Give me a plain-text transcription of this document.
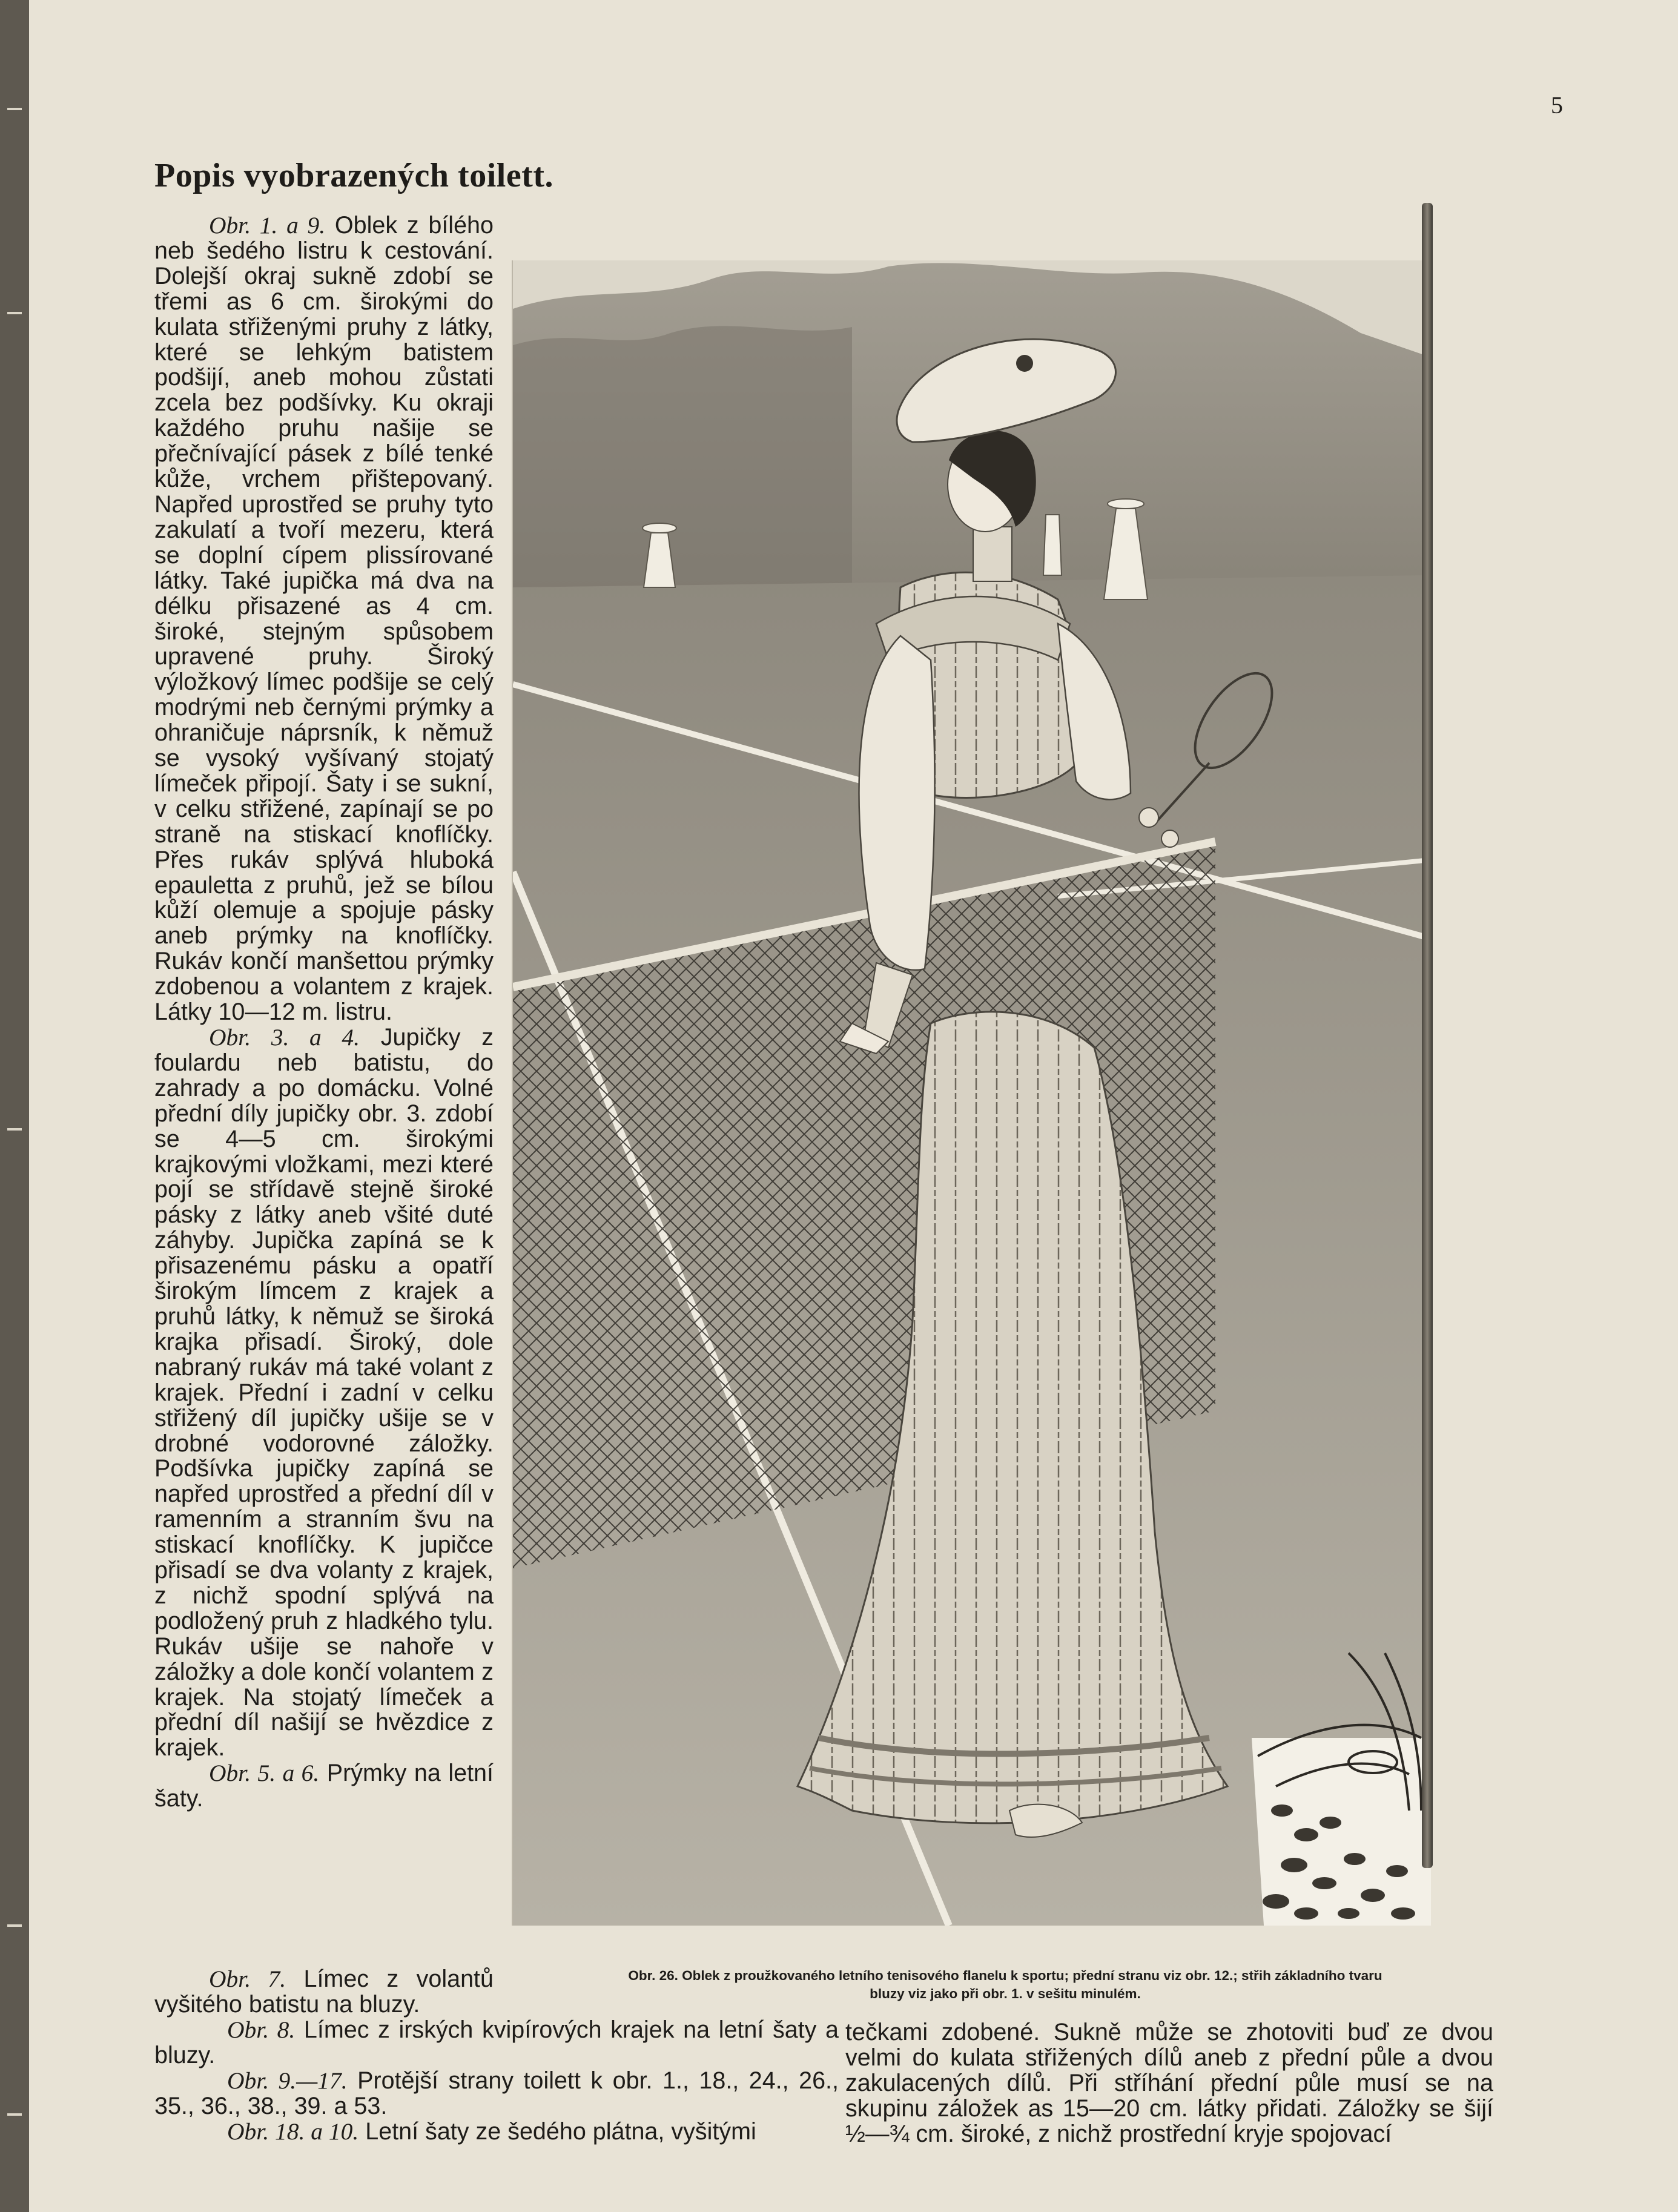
5
Popis vyobrazených toilett.

Obr. 1. a 9. Oblek z bílého neb šedého listru k cestování. Dolejší okraj sukně zdobí se třemi as 6 cm. širokými do kulata střiženými pruhy z látky, které se lehkým batistem podšijí, aneb mohou zůstati zcela bez podšívky. Ku okraji každého pruhu našije se přečnívající pásek z bílé tenké kůže, vrchem přištepovaný. Napřed uprostřed se pruhy tyto zakulatí a tvoří mezeru, která se doplní cípem plissírované látky. Také jupička má dva na délku přisazené as 4 cm. široké, stejným spůsobem upravené pruhy. Široký výložkový límec podšije se celý modrými neb černými prýmky a ohraničuje náprsník, k němuž se vysoký vyšívaný stojatý límeček připojí. Šaty i se sukní, v celku střižené, zapínají se po straně na stiskací knoflíčky. Přes rukáv splývá hluboká epauletta z pruhů, jež se bílou kůží olemuje a spojuje pásky aneb prýmky na knoflíčky. Rukáv končí manšettou prýmky zdobenou a volantem z krajek. Látky 10—12 m. listru.

Obr. 3. a 4. Jupičky z foulardu neb batistu, do zahrady a po domácku. Volné přední díly jupičky obr. 3. zdobí se 4—5 cm. širokými krajkovými vložkami, mezi které pojí se střídavě stejně široké pásky z látky aneb všité duté záhyby. Jupička zapíná se k přisazenému pásku a opatří širokým límcem z krajek a pruhů látky, k němuž se široká krajka přisadí. Široký, dole nabraný rukáv má také volant z krajek. Přední i zadní v celku střižený díl jupičky ušije se v drobné vodorovné záložky. Podšívka jupičky zapíná se napřed uprostřed a přední díl v ramenním a stranním švu na stiskací knoflíčky. K jupičce přisadí se dva volanty z krajek, z nichž spodní splývá na podložený pruh z hladkého tylu. Rukáv ušije se nahoře v záložky a dole končí volantem z krajek. Na stojatý límeček a přední díl našijí se hvězdice z krajek.

Obr. 5. a 6. Prýmky na letní šaty.

Obr. 26. Oblek z proužkovaného letního tenisového flanelu k sportu; přední stranu viz obr. 12.; střih základního tvaru
bluzy viz jako při obr. 1. v sešitu minulém.

Obr. 7. Límec z volantů vyšitého batistu na bluzy.

Obr. 8. Límec z irských kvipírových krajek na letní šaty a bluzy.

Obr. 9.—17. Protější strany toilett k obr. 1., 18., 24., 26., 35., 36., 38., 39. a 53.

Obr. 18. a 10. Letní šaty ze šedého plátna, vyšitými

tečkami zdobené. Sukně může se zhotoviti buď ze dvou velmi do kulata střižených dílů aneb z přední půle a dvou zakulacených dílů. Při stříhání přední půle musí se na skupinu záložek as 15—20 cm. látky přidati. Záložky se šijí ½—¾ cm. široké, z nichž prostřední kryje spojovací
